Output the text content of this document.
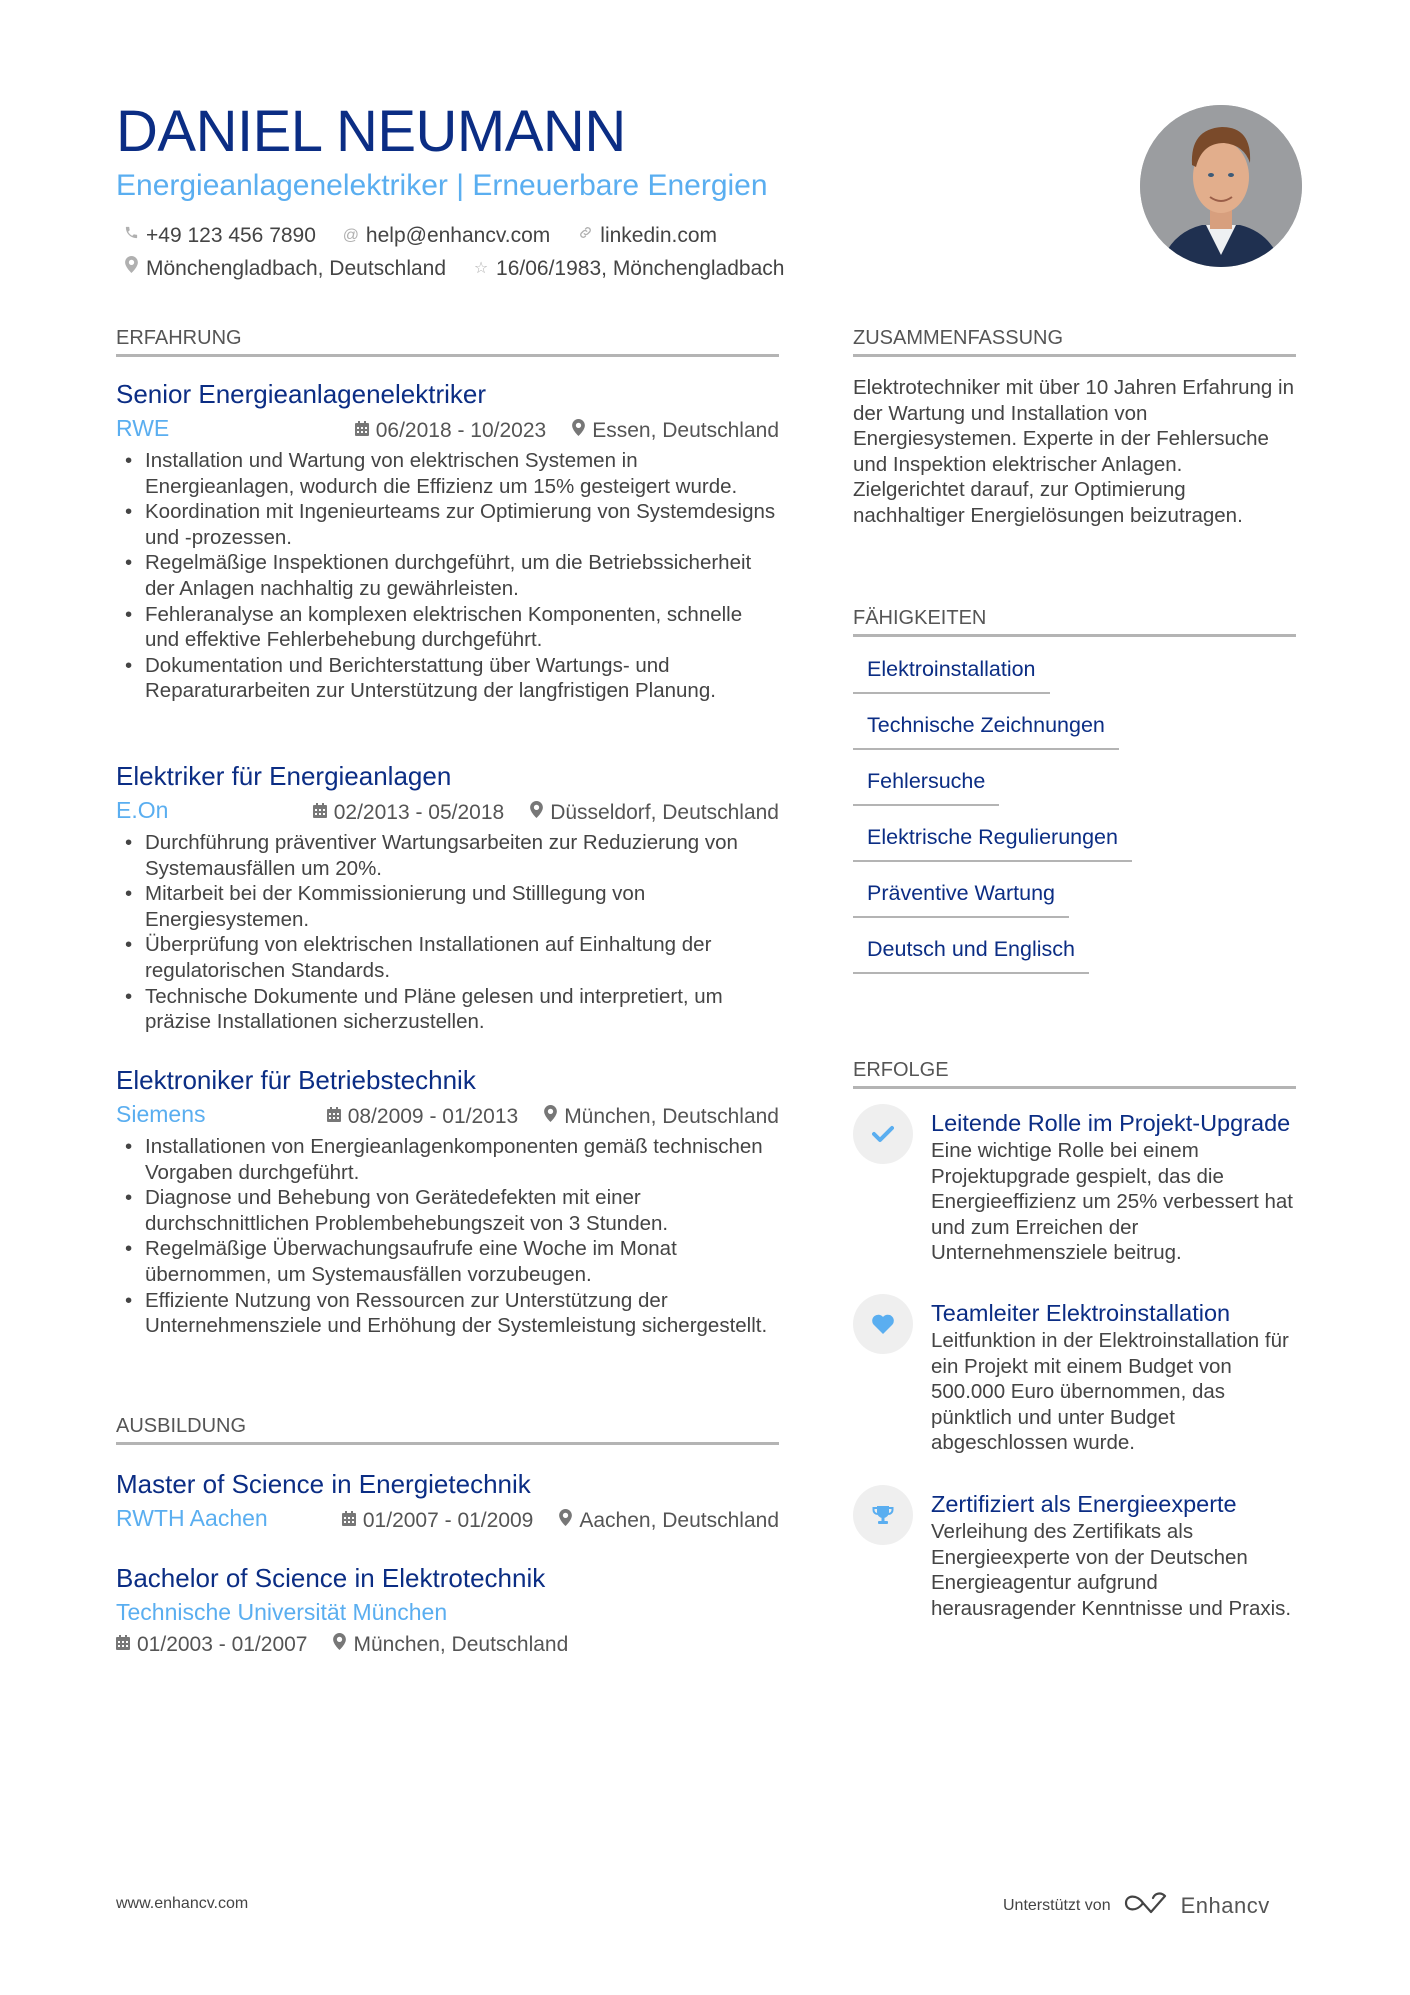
DANIEL NEUMANN
Energieanlagenelektriker | Erneuerbare Energien
+49 123 456 7890 @ help@enhancv.com linkedin.com
Mönchengladbach, Deutschland ☆ 16/06/1983, Mönchengladbach
ERFAHRUNG
Senior Energieanlagenelektriker
RWE	06/2018 - 10/2023 Essen, Deutschland
• Installation und Wartung von elektrischen Systemen in Energieanlagen, wodurch die Effizienz um 15% gesteigert wurde.
• Koordination mit Ingenieurteams zur Optimierung von Systemdesigns und -prozessen.
• Regelmäßige Inspektionen durchgeführt, um die Betriebssicherheit der Anlagen nachhaltig zu gewährleisten.
• Fehleranalyse an komplexen elektrischen Komponenten, schnelle und effektive Fehlerbehebung durchgeführt.
• Dokumentation und Berichterstattung über Wartungs- und Reparaturarbeiten zur Unterstützung der langfristigen Planung.
Elektriker für Energieanlagen
E.On	02/2013 - 05/2018 Düsseldorf, Deutschland
• Durchführung präventiver Wartungsarbeiten zur Reduzierung von Systemausfällen um 20%.
• Mitarbeit bei der Kommissionierung und Stilllegung von Energiesystemen.
• Überprüfung von elektrischen Installationen auf Einhaltung der regulatorischen Standards.
• Technische Dokumente und Pläne gelesen und interpretiert, um präzise Installationen sicherzustellen.
Elektroniker für Betriebstechnik
Siemens	08/2009 - 01/2013 München, Deutschland
• Installationen von Energieanlagenkomponenten gemäß technischen Vorgaben durchgeführt.
• Diagnose und Behebung von Gerätedefekten mit einer durchschnittlichen Problembehebungszeit von 3 Stunden.
• Regelmäßige Überwachungsaufrufe eine Woche im Monat übernommen, um Systemausfällen vorzubeugen.
• Effiziente Nutzung von Ressourcen zur Unterstützung der Unternehmensziele und Erhöhung der Systemleistung sichergestellt.
AUSBILDUNG
Master of Science in Energietechnik
RWTH Aachen	01/2007 - 01/2009 Aachen, Deutschland
Bachelor of Science in Elektrotechnik
Technische Universität München
01/2003 - 01/2007 München, Deutschland
ZUSAMMENFASSUNG

Elektrotechniker mit über 10 Jahren Erfahrung in der Wartung und Installation von Energiesystemen. Experte in der Fehlersuche und Inspektion elektrischer Anlagen. Zielgerichtet darauf, zur Optimierung nachhaltiger Energielösungen beizutragen.

FÄHIGKEITEN
Elektroinstallation
Technische Zeichnungen
Fehlersuche
Elektrische Regulierungen
Präventive Wartung
Deutsch und Englisch
ERFOLGE
Leitende Rolle im Projekt-Upgrade
Eine wichtige Rolle bei einem Projektupgrade gespielt, das die Energieeffizienz um 25% verbessert hat und zum Erreichen der Unternehmensziele beitrug.
Teamleiter Elektroinstallation
Leitfunktion in der Elektroinstallation für ein Projekt mit einem Budget von 500.000 Euro übernommen, das pünktlich und unter Budget abgeschlossen wurde.
Zertifiziert als Energieexperte
Verleihung des Zertifikats als Energieexperte von der Deutschen Energieagentur aufgrund herausragender Kenntnisse und Praxis.
www.enhancv.com	Unterstützt von	Enhancv
